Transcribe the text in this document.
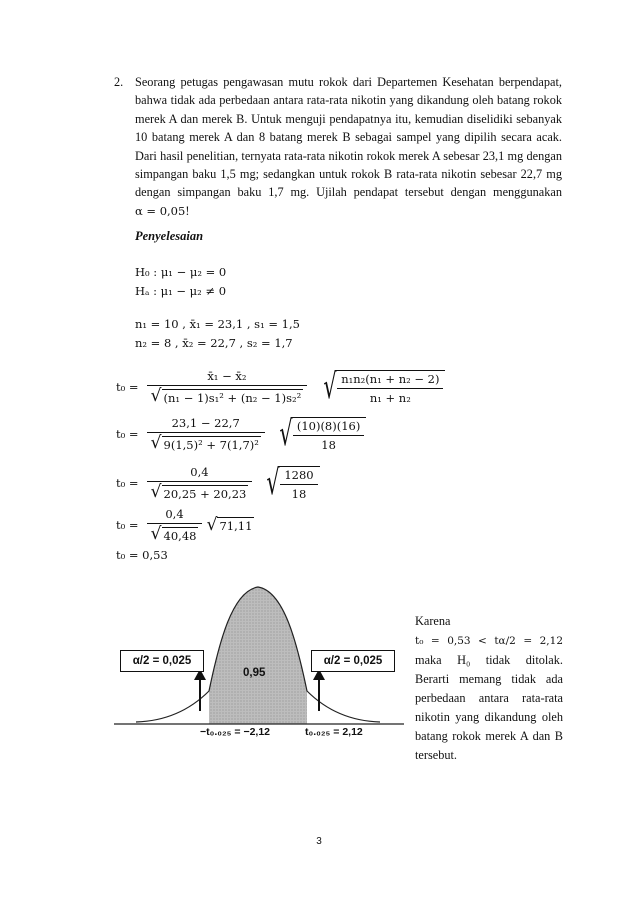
2. Seorang petugas pengawasan mutu rokok dari Departemen Kesehatan berpendapat, bahwa tidak ada perbedaan antara rata-rata nikotin yang dikandung oleh batang rokok merek A dan merek B. Untuk menguji pendapatnya itu, kemudian diselidiki sebanyak 10 batang merek A dan 8 batang merek B sebagai sampel yang dipilih secara acak. Dari hasil penelitian, ternyata rata-rata nikotin rokok merek A sebesar 23,1 mg dengan simpangan baku 1,5 mg; sedangkan untuk rokok B rata-rata nikotin sebesar 22,7 mg dengan simpangan baku 1,7 mg. Ujilah pendapat tersebut dengan menggunakan α = 0,05!
Penyelesaian
H₀ : μ₁ − μ₂ = 0
Hₐ : μ₁ − μ₂ ≠ 0
n₁ = 10 , x̄₁ = 23,1 , s₁ = 1,5
n₂ = 8 , x̄₂ = 22,7 , s₂ = 1,7
$t_0 = \frac{\text{x̄₁ − x̄₂}}{\text{√ (n₁ − 1)s₁² + (n₂ − 1)s₂²}}$ √
$\frac{\text{n₁n₂(n₁ + n₂ − 2)}}{\text{n₁ + n₂}}$
$t_0 = \frac{23,1 - 22,7}{\text{√ 9(1,5)² + 7(1,7)²}}$ √
$\frac{(10)(8)(16)}{18}$
$t_0 = \frac{0,4}{√ 20,25 + 20,23}$ √
$\frac{1280}{18}$
$t_0 = \frac{0,4}{√ 40,48}$ √ 71,11
t₀ = 0,53
α/2 = 0,025	α/2 = 0,025
0,95
−t₀.₀₂₅ = −2,12	t₀.₀₂₅ = 2,12
Karena   t₀ = 0,53 < tα/2 = 2,12 maka H₀ tidak ditolak. Berarti memang tidak ada perbedaan antara rata-rata nikotin yang dikandung oleh batang rokok merek A dan B tersebut.
3
